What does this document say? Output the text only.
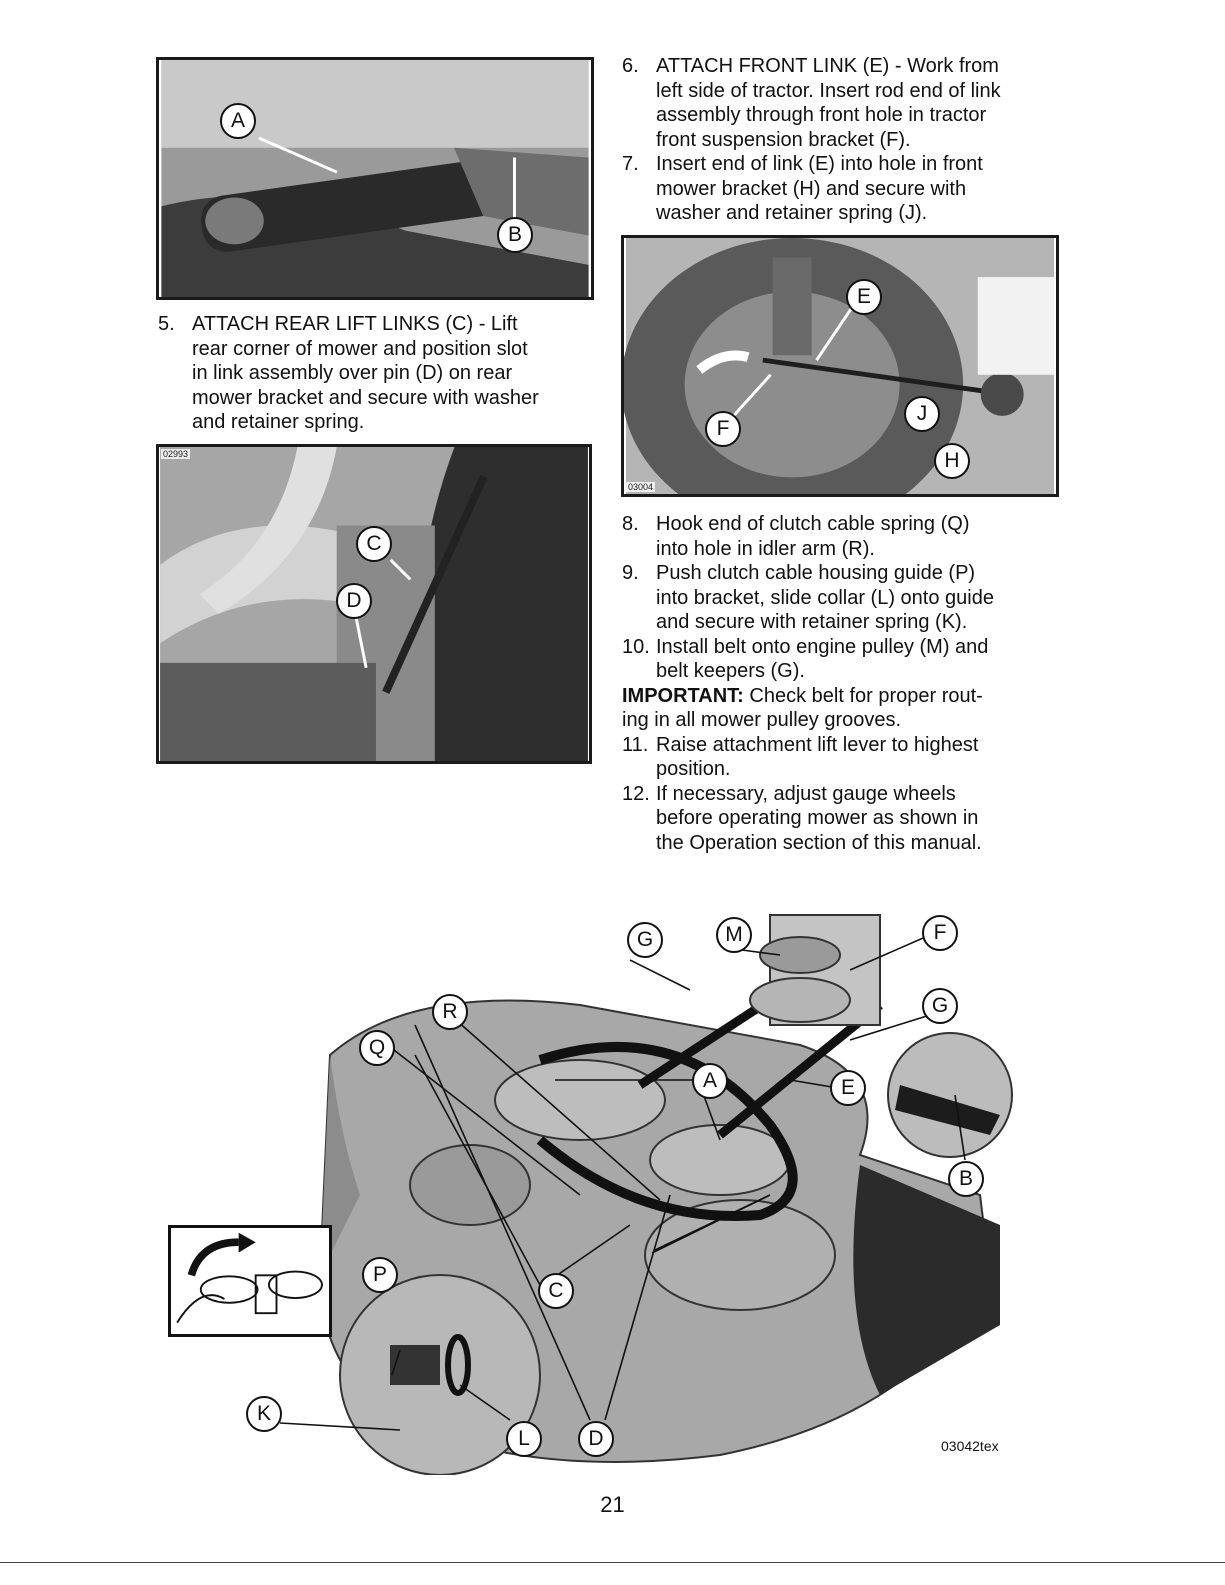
A
B
5. ATTACH REAR LIFT LINKS (C) - Lift
rear corner of mower and position slot
in link assembly over pin (D) on rear
mower bracket and secure with washer
and retainer spring.
02993
C
D
6. ATTACH FRONT LINK (E) - Work from
left side of tractor. Insert rod end of link
assembly through front hole in tractor
front suspension bracket (F).
7. Insert end of link (E) into hole in front
mower bracket (H) and secure with
washer and retainer spring (J).
03004
E
F
J
H
8. Hook end of clutch cable spring (Q)
into hole in idler arm (R).
9. Push clutch cable housing guide (P)
into bracket, slide collar (L) onto guide
and secure with retainer spring (K).
10. Install belt onto engine pulley (M) and
belt keepers (G).
IMPORTANT: Check belt for proper rout-
ing in all mower pulley grooves.
11. Raise attachment lift lever to highest
position.
12. If necessary, adjust gauge wheels
before operating mower as shown in
the Operation section of this manual.
G	M	F
R	G
Q
A	E
B
C
P
K
L	D	03042tex
21
